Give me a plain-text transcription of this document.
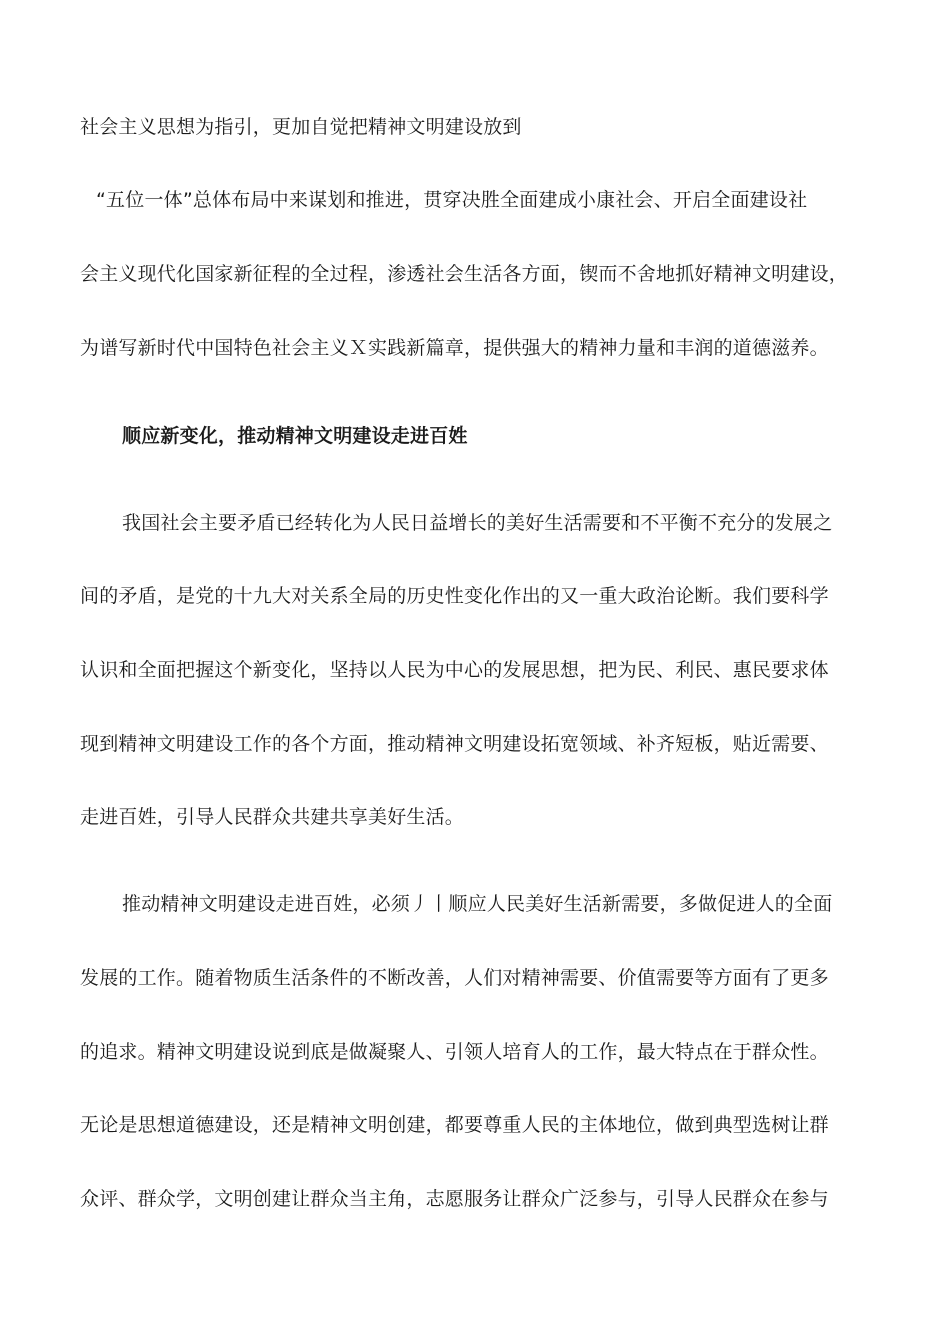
社会主义思想为指引，更加自觉把精神文明建设放到
“五位一体”总体布局中来谋划和推进，贯穿决胜全面建成小康社会、开启全面建设社
会主义现代化国家新征程的全过程，渗透社会生活各方面，锲而不舍地抓好精神文明建设，
为谱写新时代中国特色社会主义Ｘ实践新篇章，提供强大的精神力量和丰润的道德滋养。
顺应新变化，推动精神文明建设走进百姓
我国社会主要矛盾已经转化为人民日益增长的美好生活需要和不平衡不充分的发展之
间的矛盾，是党的十九大对关系全局的历史性变化作出的又一重大政治论断。我们要科学
认识和全面把握这个新变化，坚持以人民为中心的发展思想，把为民、利民、惠民要求体
现到精神文明建设工作的各个方面，推动精神文明建设拓宽领域、补齐短板，贴近需要、
走进百姓，引导人民群众共建共享美好生活。
推动精神文明建设走进百姓，必须丿丨顺应人民美好生活新需要，多做促进人的全面
发展的工作。随着物质生活条件的不断改善，人们对精神需要、价值需要等方面有了更多
的追求。精神文明建设说到底是做凝聚人、引领人培育人的工作，最大特点在于群众性。
无论是思想道德建设，还是精神文明创建，都要尊重人民的主体地位，做到典型选树让群
众评、群众学，文明创建让群众当主角，志愿服务让群众广泛参与，引导人民群众在参与
